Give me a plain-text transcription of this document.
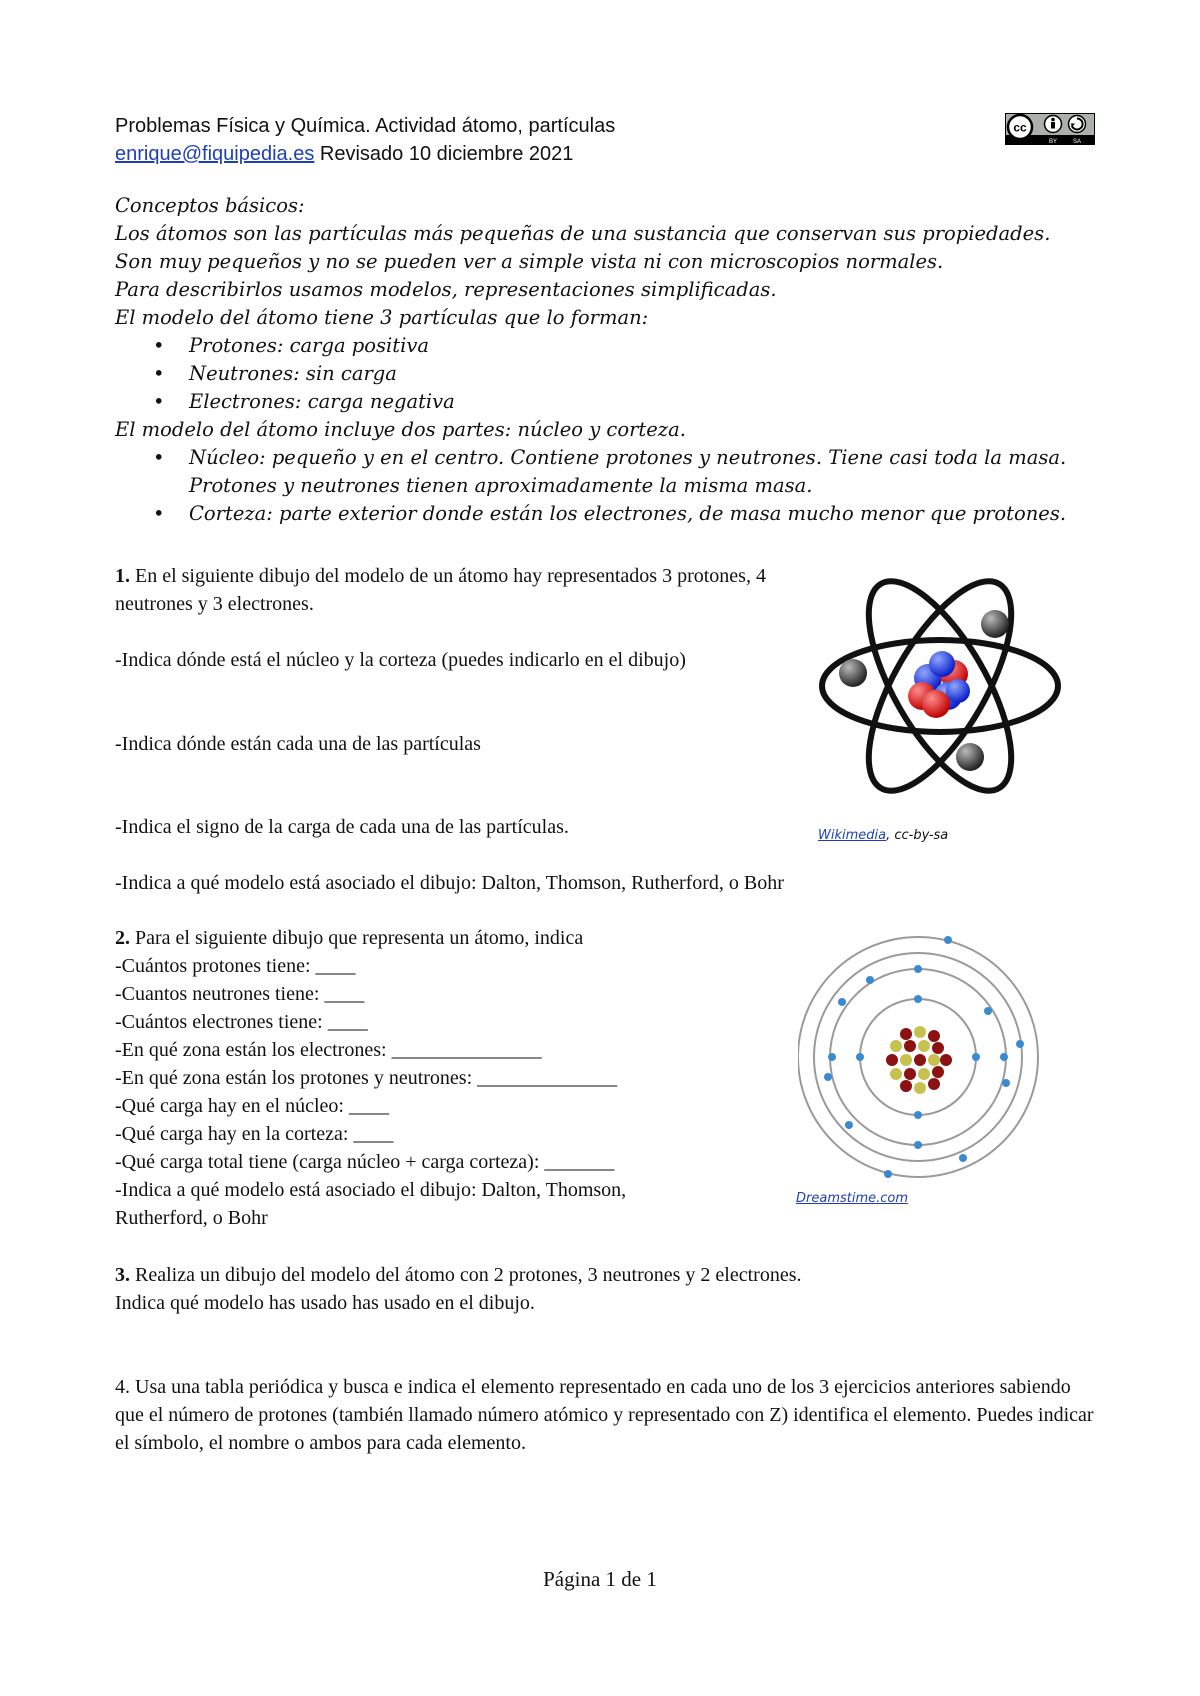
Problemas Física y Química. Actividad átomo, partículas
enrique@fiquipedia.es Revisado 10 diciembre 2021
cc
BY	SA

Conceptos básicos:

Los átomos son las partículas más pequeñas de una sustancia que conservan sus propiedades.

Son muy pequeños y no se pueden ver a simple vista ni con microscopios normales.

Para describirlos usamos modelos, representaciones simplificadas.

El modelo del átomo tiene 3 partículas que lo forman:

• Protones: carga positiva
• Neutrones: sin carga
• Electrones: carga negativa

El modelo del átomo incluye dos partes: núcleo y corteza.

• Núcleo: pequeño y en el centro. Contiene protones y neutrones. Tiene casi toda la masa. Protones y neutrones tienen aproximadamente la misma masa.
• Corteza: parte exterior donde están los electrones, de masa mucho menor que protones.

1. En el siguiente dibujo del modelo de un átomo hay representados 3 protones, 4 neutrones y 3 electrones.

-Indica dónde está el núcleo y la corteza (puedes indicarlo en el dibujo)
-Indica dónde están cada una de las partículas
-Indica el signo de la carga de cada una de las partículas.
-Indica a qué modelo está asociado el dibujo: Dalton, Thomson, Rutherford, o Bohr
Wikimedia, cc-by-sa

2. Para el siguiente dibujo que representa un átomo, indica

-Cuántos protones tiene: ____

-Cuantos neutrones tiene: ____

-Cuántos electrones tiene: ____

-En qué zona están los electrones: _______________

-En qué zona están los protones y neutrones: ______________

-Qué carga hay en el núcleo: ____

-Qué carga hay en la corteza: ____

-Qué carga total tiene (carga núcleo + carga corteza): _______

-Indica a qué modelo está asociado el dibujo: Dalton, Thomson,

Rutherford, o Bohr

Dreamstime.com

3. Realiza un dibujo del modelo del átomo con 2 protones, 3 neutrones y 2 electrones.

Indica qué modelo has usado has usado en el dibujo.

4. Usa una tabla periódica y busca e indica el elemento representado en cada uno de los 3 ejercicios anteriores sabiendo que el número de protones (también llamado número atómico y representado con Z) identifica el elemento. Puedes indicar el símbolo, el nombre o ambos para cada elemento.

Página 1 de 1
